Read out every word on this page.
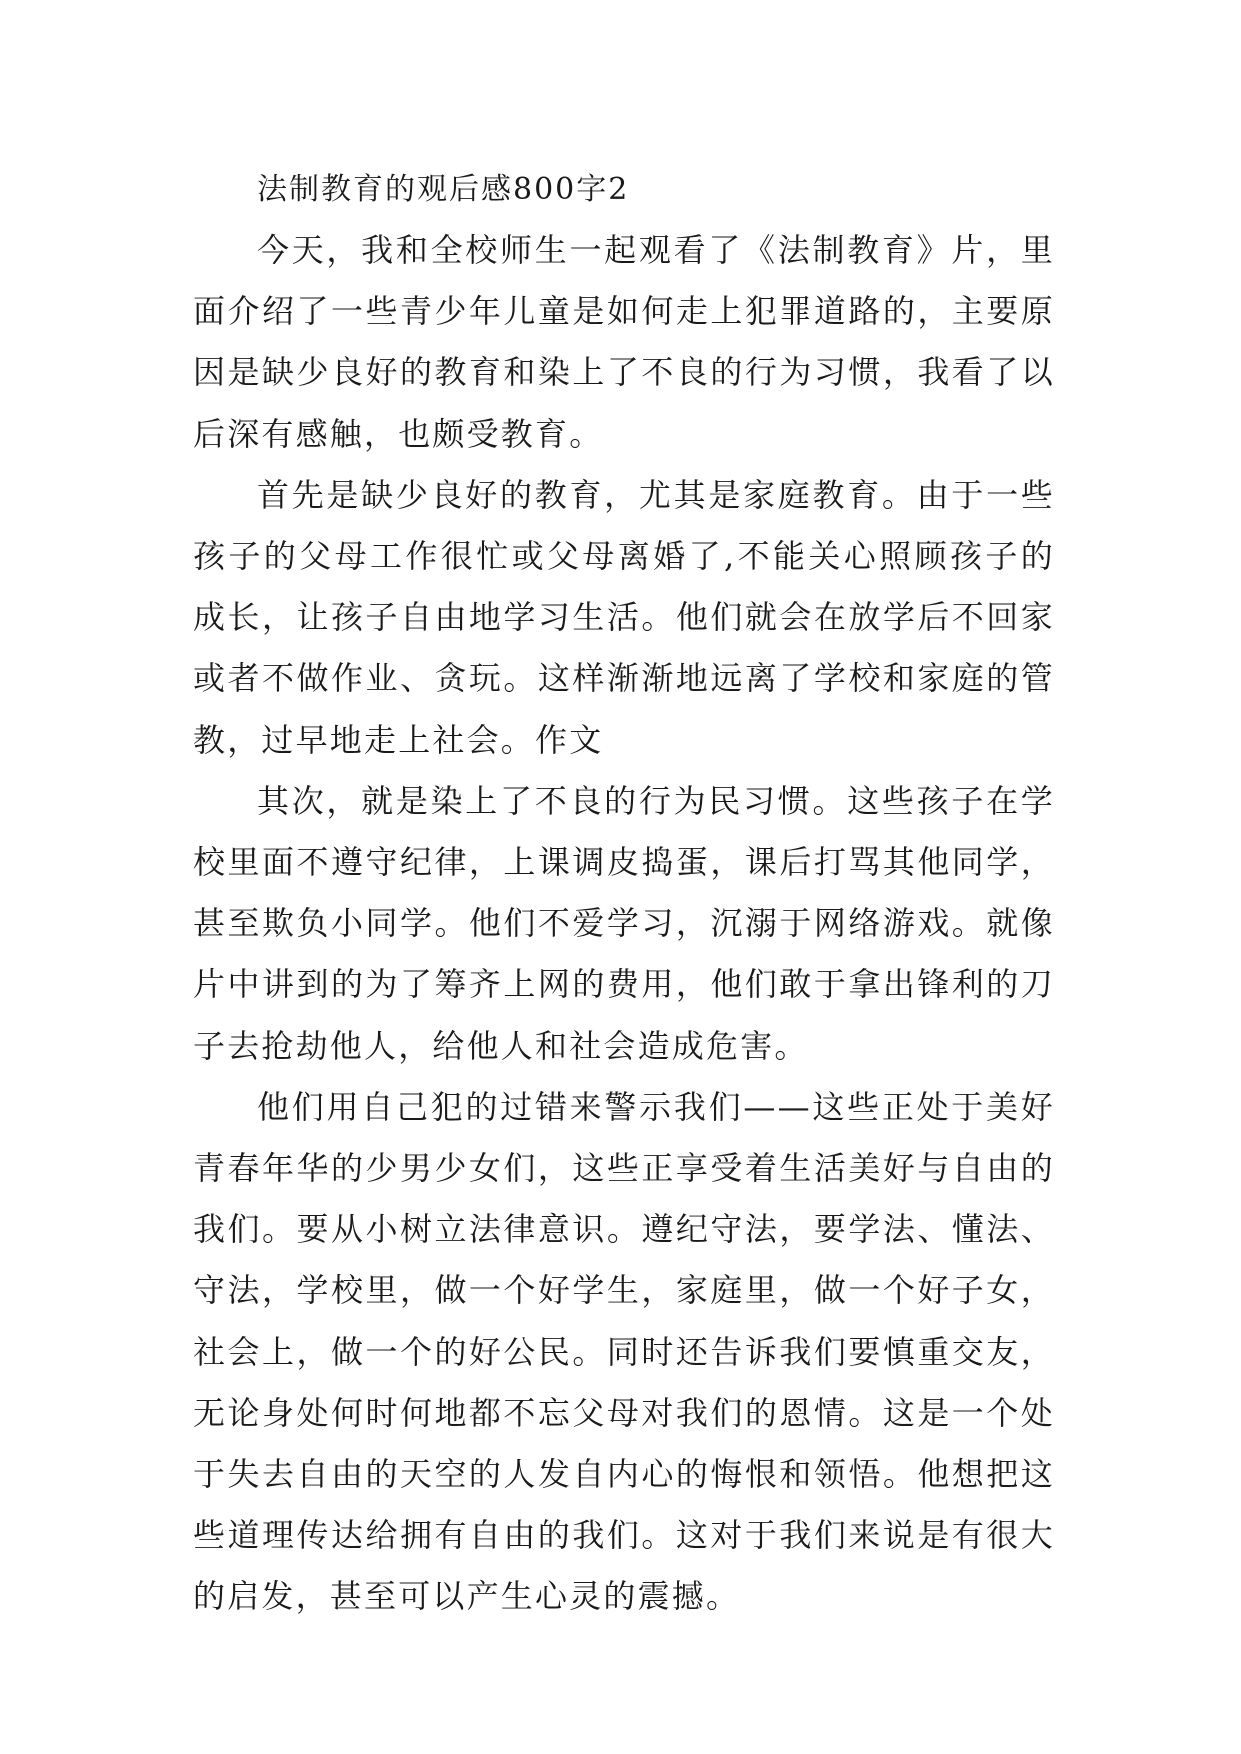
法制教育的观后感800字2

今天，我和全校师生一起观看了《法制教育》片，里面介绍了一些青少年儿童是如何走上犯罪道路的，主要原因是缺少良好的教育和染上了不良的行为习惯，我看了以后深有感触，也颇受教育。

首先是缺少良好的教育，尤其是家庭教育。由于一些孩子的父母工作很忙或父母离婚了,不能关心照顾孩子的成长，让孩子自由地学习生活。他们就会在放学后不回家或者不做作业、贪玩。这样渐渐地远离了学校和家庭的管教，过早地走上社会。作文

其次，就是染上了不良的行为民习惯。这些孩子在学校里面不遵守纪律，上课调皮捣蛋，课后打骂其他同学，甚至欺负小同学。他们不爱学习，沉溺于网络游戏。就像片中讲到的为了筹齐上网的费用，他们敢于拿出锋利的刀子去抢劫他人，给他人和社会造成危害。

他们用自己犯的过错来警示我们——这些正处于美好青春年华的少男少女们，这些正享受着生活美好与自由的我们。要从小树立法律意识。遵纪守法，要学法、懂法、守法，学校里，做一个好学生，家庭里，做一个好子女，社会上，做一个的好公民。同时还告诉我们要慎重交友，无论身处何时何地都不忘父母对我们的恩情。这是一个处于失去自由的天空的人发自内心的悔恨和领悟。他想把这些道理传达给拥有自由的我们。这对于我们来说是有很大的启发，甚至可以产生心灵的震撼。
